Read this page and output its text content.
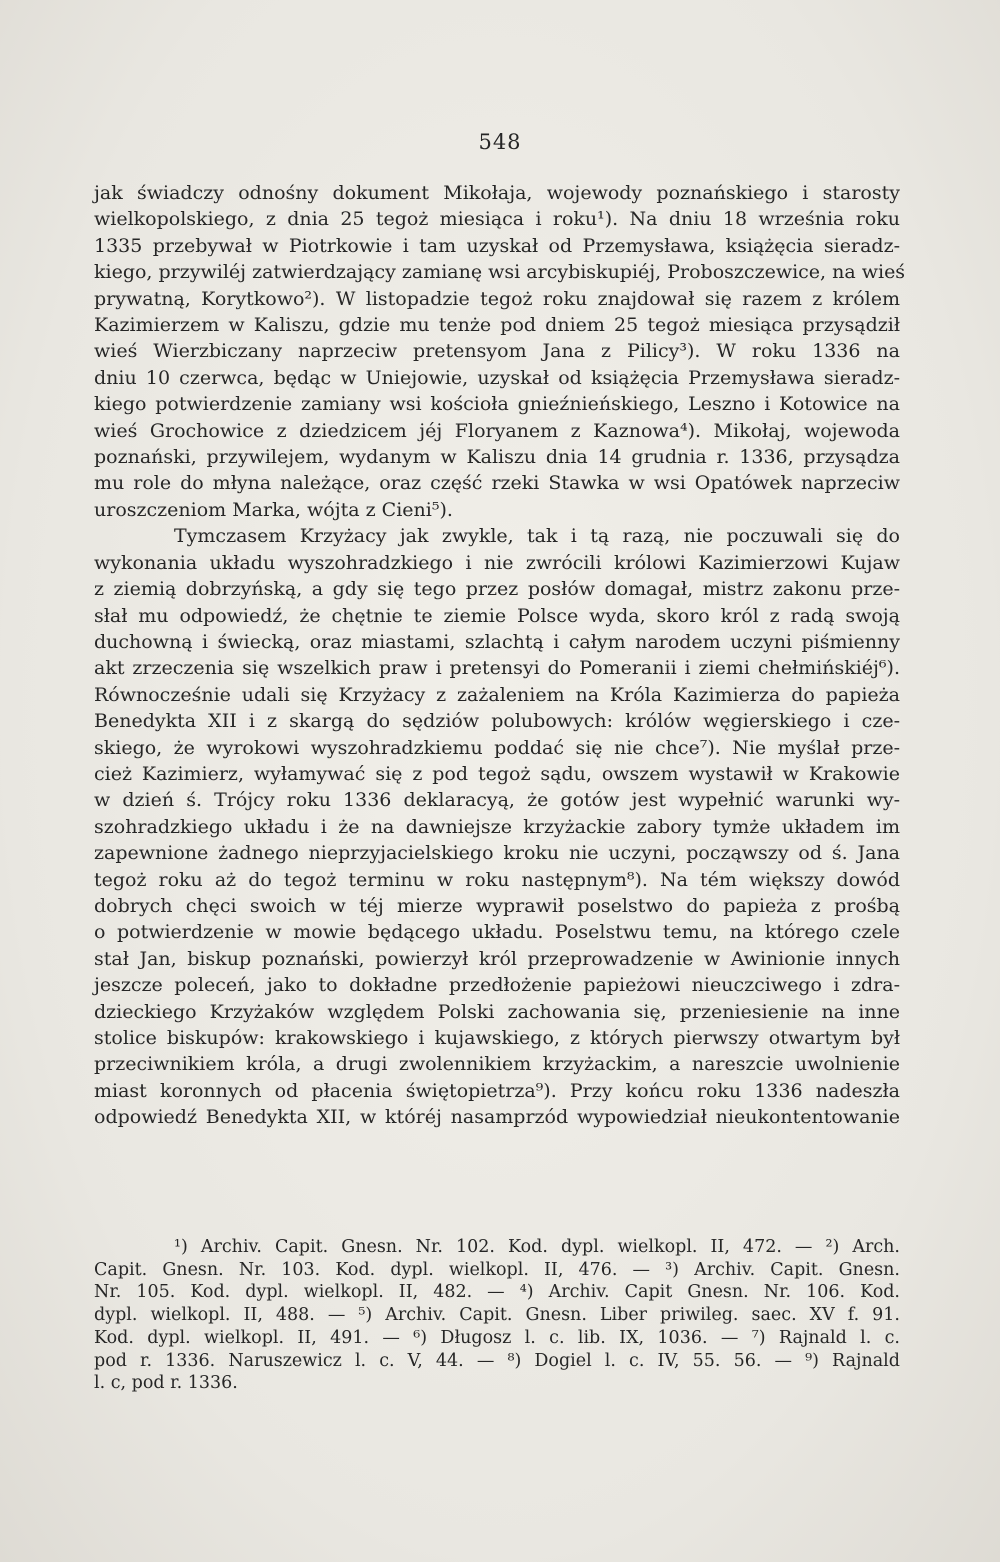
548
jak świadczy odnośny dokument Mikołaja, wojewody poznańskiego i starosty
wielkopolskiego, z dnia 25 tegoż miesiąca i roku¹). Na dniu 18 września roku
1335 przebywał w Piotrkowie i tam uzyskał od Przemysława, książęcia sieradz-
kiego, przywiléj zatwierdzający zamianę wsi arcybiskupiéj, Proboszczewice, na wieś
prywatną, Korytkowo²). W listopadzie tegoż roku znajdował się razem z królem
Kazimierzem w Kaliszu, gdzie mu tenże pod dniem 25 tegoż miesiąca przysądził
wieś Wierzbiczany naprzeciw pretensyom Jana z Pilicy³). W roku 1336 na
dniu 10 czerwca, będąc w Uniejowie, uzyskał od książęcia Przemysława sieradz-
kiego potwierdzenie zamiany wsi kościoła gnieźnieńskiego, Leszno i Kotowice na
wieś Grochowice z dziedzicem jéj Floryanem z Kaznowa⁴). Mikołaj, wojewoda
poznański, przywilejem, wydanym w Kaliszu dnia 14 grudnia r. 1336, przysądza
mu role do młyna należące, oraz część rzeki Stawka w wsi Opatówek naprzeciw
uroszczeniom Marka, wójta z Cieni⁵).
Tymczasem Krzyżacy jak zwykle, tak i tą razą, nie poczuwali się do
wykonania układu wyszohradzkiego i nie zwrócili królowi Kazimierzowi Kujaw
z ziemią dobrzyńską, a gdy się tego przez posłów domagał, mistrz zakonu prze-
słał mu odpowiedź, że chętnie te ziemie Polsce wyda, skoro król z radą swoją
duchowną i świecką, oraz miastami, szlachtą i całym narodem uczyni piśmienny
akt zrzeczenia się wszelkich praw i pretensyi do Pomeranii i ziemi chełmińskiéj⁶).
Równocześnie udali się Krzyżacy z zażaleniem na Króla Kazimierza do papieża
Benedykta XII i z skargą do sędziów polubowych: królów węgierskiego i cze-
skiego, że wyrokowi wyszohradzkiemu poddać się nie chce⁷). Nie myślał prze-
cież Kazimierz, wyłamywać się z pod tegoż sądu, owszem wystawił w Krakowie
w dzień ś. Trójcy roku 1336 deklaracyą, że gotów jest wypełnić warunki wy-
szohradzkiego układu i że na dawniejsze krzyżackie zabory tymże układem im
zapewnione żadnego nieprzyjacielskiego kroku nie uczyni, począwszy od ś. Jana
tegoż roku aż do tegoż terminu w roku następnym⁸). Na tém większy dowód
dobrych chęci swoich w téj mierze wyprawił poselstwo do papieża z prośbą
o potwierdzenie w mowie będącego układu. Poselstwu temu, na którego czele
stał Jan, biskup poznański, powierzył król przeprowadzenie w Awinionie innych
jeszcze poleceń, jako to dokładne przedłożenie papieżowi nieuczciwego i zdra-
dzieckiego Krzyżaków względem Polski zachowania się, przeniesienie na inne
stolice biskupów: krakowskiego i kujawskiego, z których pierwszy otwartym był
przeciwnikiem króla, a drugi zwolennikiem krzyżackim, a nareszcie uwolnienie
miast koronnych od płacenia świętopietrza⁹). Przy końcu roku 1336 nadeszła
odpowiedź Benedykta XII, w któréj nasamprzód wypowiedział nieukontentowanie
¹) Archiv. Capit. Gnesn. Nr. 102. Kod. dypl. wielkopl. II, 472. — ²) Arch.
Capit. Gnesn. Nr. 103. Kod. dypl. wielkopl. II, 476. — ³) Archiv. Capit. Gnesn.
Nr. 105. Kod. dypl. wielkopl. II, 482. — ⁴) Archiv. Capit Gnesn. Nr. 106. Kod.
dypl. wielkopl. II, 488. — ⁵) Archiv. Capit. Gnesn. Liber priwileg. saec. XV f. 91.
Kod. dypl. wielkopl. II, 491. — ⁶) Długosz l. c. lib. IX, 1036. — ⁷) Rajnald l. c.
pod r. 1336. Naruszewicz l. c. V, 44. — ⁸) Dogiel l. c. IV, 55. 56. — ⁹) Rajnald
l. c, pod r. 1336.
